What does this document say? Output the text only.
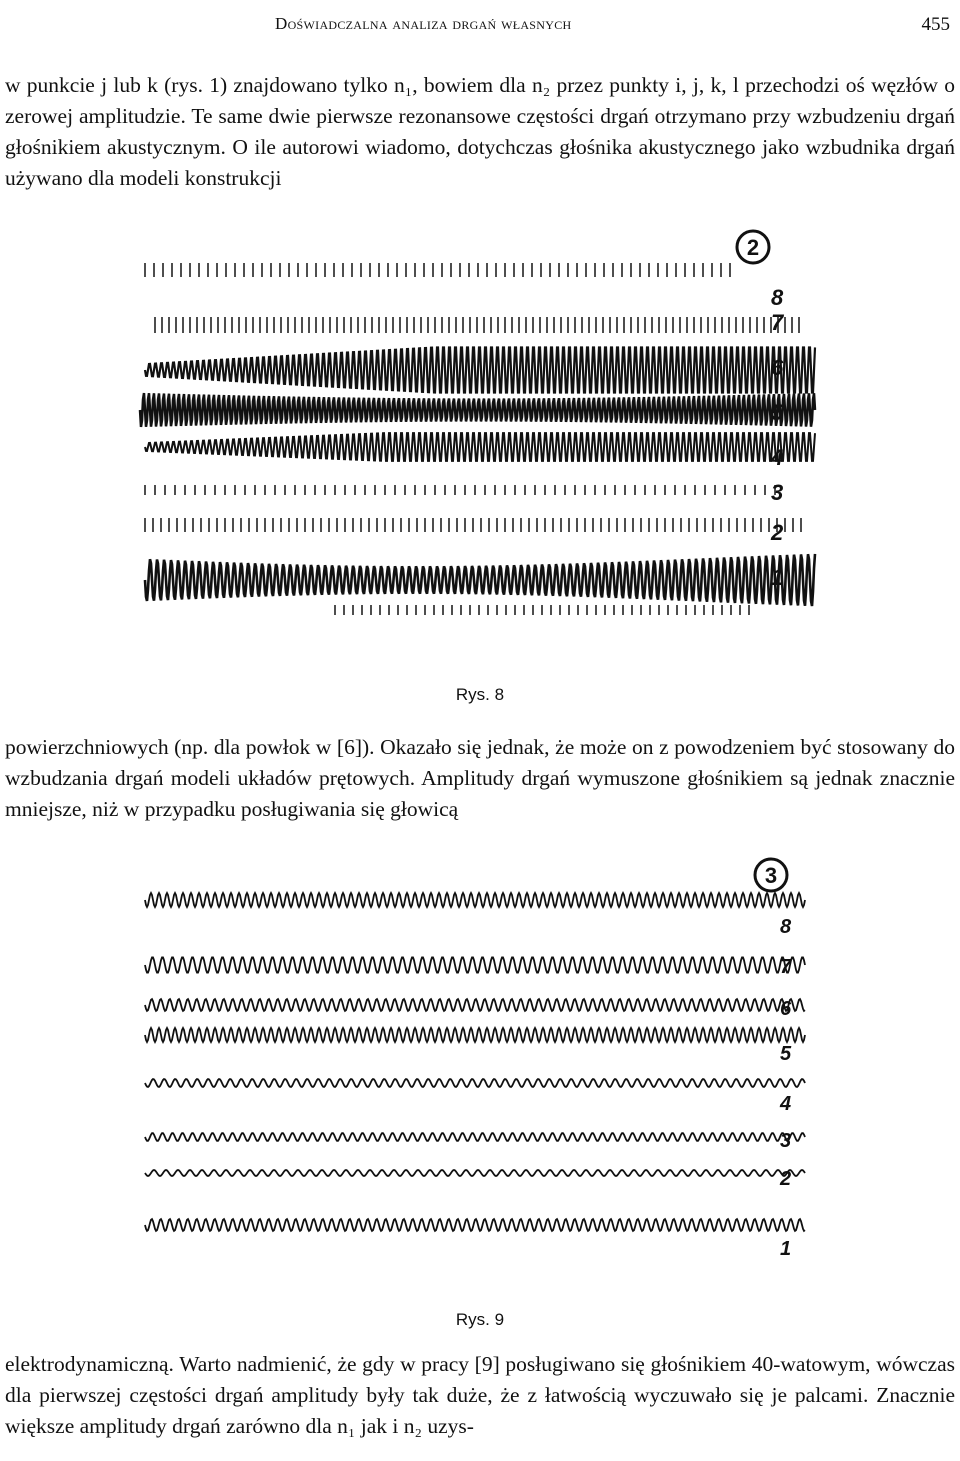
Doświadczalna analiza drgań własnych	455

w punkcie j lub k (rys. 1) znajdowano tylko n₁, bowiem dla n₂ przez punkty i, j, k, l przechodzi oś węzłów o zerowej amplitudzie. Te same dwie pierwsze rezonansowe częstości drgań otrzymano przy wzbudzeniu drgań głośnikiem akustycznym. O ile autorowi wiadomo, dotychczas głośnika akustycznego jako wzbudnika drgań używano dla modeli konstrukcji

8
7
6
5
4
3
2
1
2
Rys. 8

powierzchniowych (np. dla powłok w [6]). Okazało się jednak, że może on z powodzeniem być stosowany do wzbudzania drgań modeli układów prętowych. Amplitudy drgań wymuszone głośnikiem są jednak znacznie mniejsze, niż w przypadku posługiwania się głowicą

8
7
6
5
4
3
2
1
3
Rys. 9

elektrodynamiczną. Warto nadmienić, że gdy w pracy [9] posługiwano się głośnikiem 40-watowym, wówczas dla pierwszej częstości drgań amplitudy były tak duże, że z łatwością wyczuwało się je palcami. Znacznie większe amplitudy drgań zarówno dla n₁ jak i n₂ uzys-
